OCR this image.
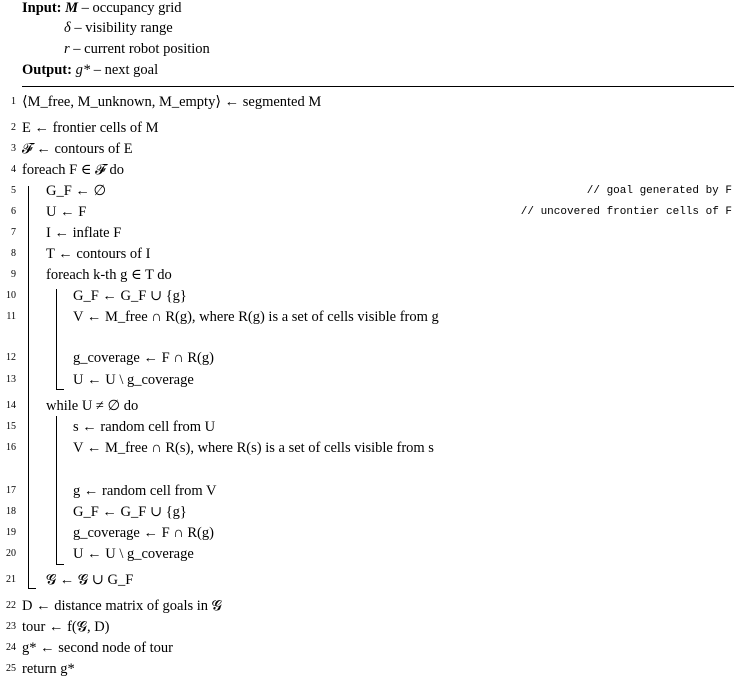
Input: M – occupancy grid
δ – visibility range
r – current robot position
Output: g* – next goal
1
2
3
4
5
6
7
8
9
10
11
12
13
14
15
16
17
18
19
20
21
22
23
24
25
⟨M_free, M_unknown, M_empty⟩ ← segmented M
E ← frontier cells of M
𝓕 ← contours of E
foreach F ∈ 𝓕 do
G_F ← ∅	// goal generated by F
U ← F	// uncovered frontier cells of F
I ← inflate F
T ← contours of I
foreach k-th g ∈ T do
G_F ← G_F ∪ {g}
V ← M_free ∩ R(g), where R(g) is a set of cells visible from g
g_coverage ← F ∩ R(g)
U ← U \ g_coverage
while U ≠ ∅ do
s ← random cell from U
V ← M_free ∩ R(s), where R(s) is a set of cells visible from s
g ← random cell from V
G_F ← G_F ∪ {g}
g_coverage ← F ∩ R(g)
U ← U \ g_coverage
𝓖 ← 𝓖 ∪ G_F
D ← distance matrix of goals in 𝓖
tour ← f(𝓖, D)
g* ← second node of tour
return g*
